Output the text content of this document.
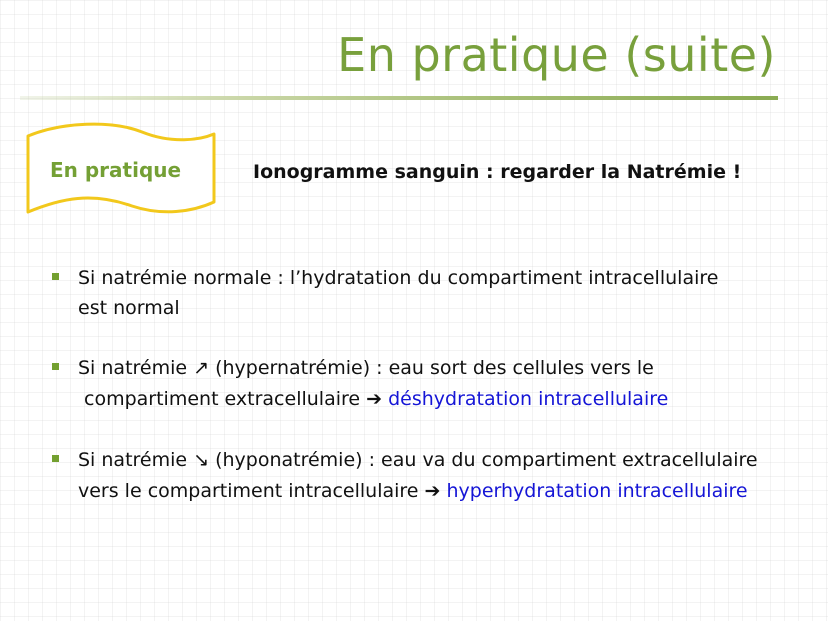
En pratique (suite)
En pratique	Ionogramme sanguin : regarder la Natrémie !
Si natrémie normale : l’hydratation du compartiment intracellulaire
est normal
Si natrémie ↗ (hypernatrémie) : eau sort des cellules vers le
compartiment extracellulaire ➔ déshydratation intracellulaire
Si natrémie ↘ (hyponatrémie) : eau va du compartiment extracellulaire
vers le compartiment intracellulaire ➔ hyperhydratation intracellulaire
